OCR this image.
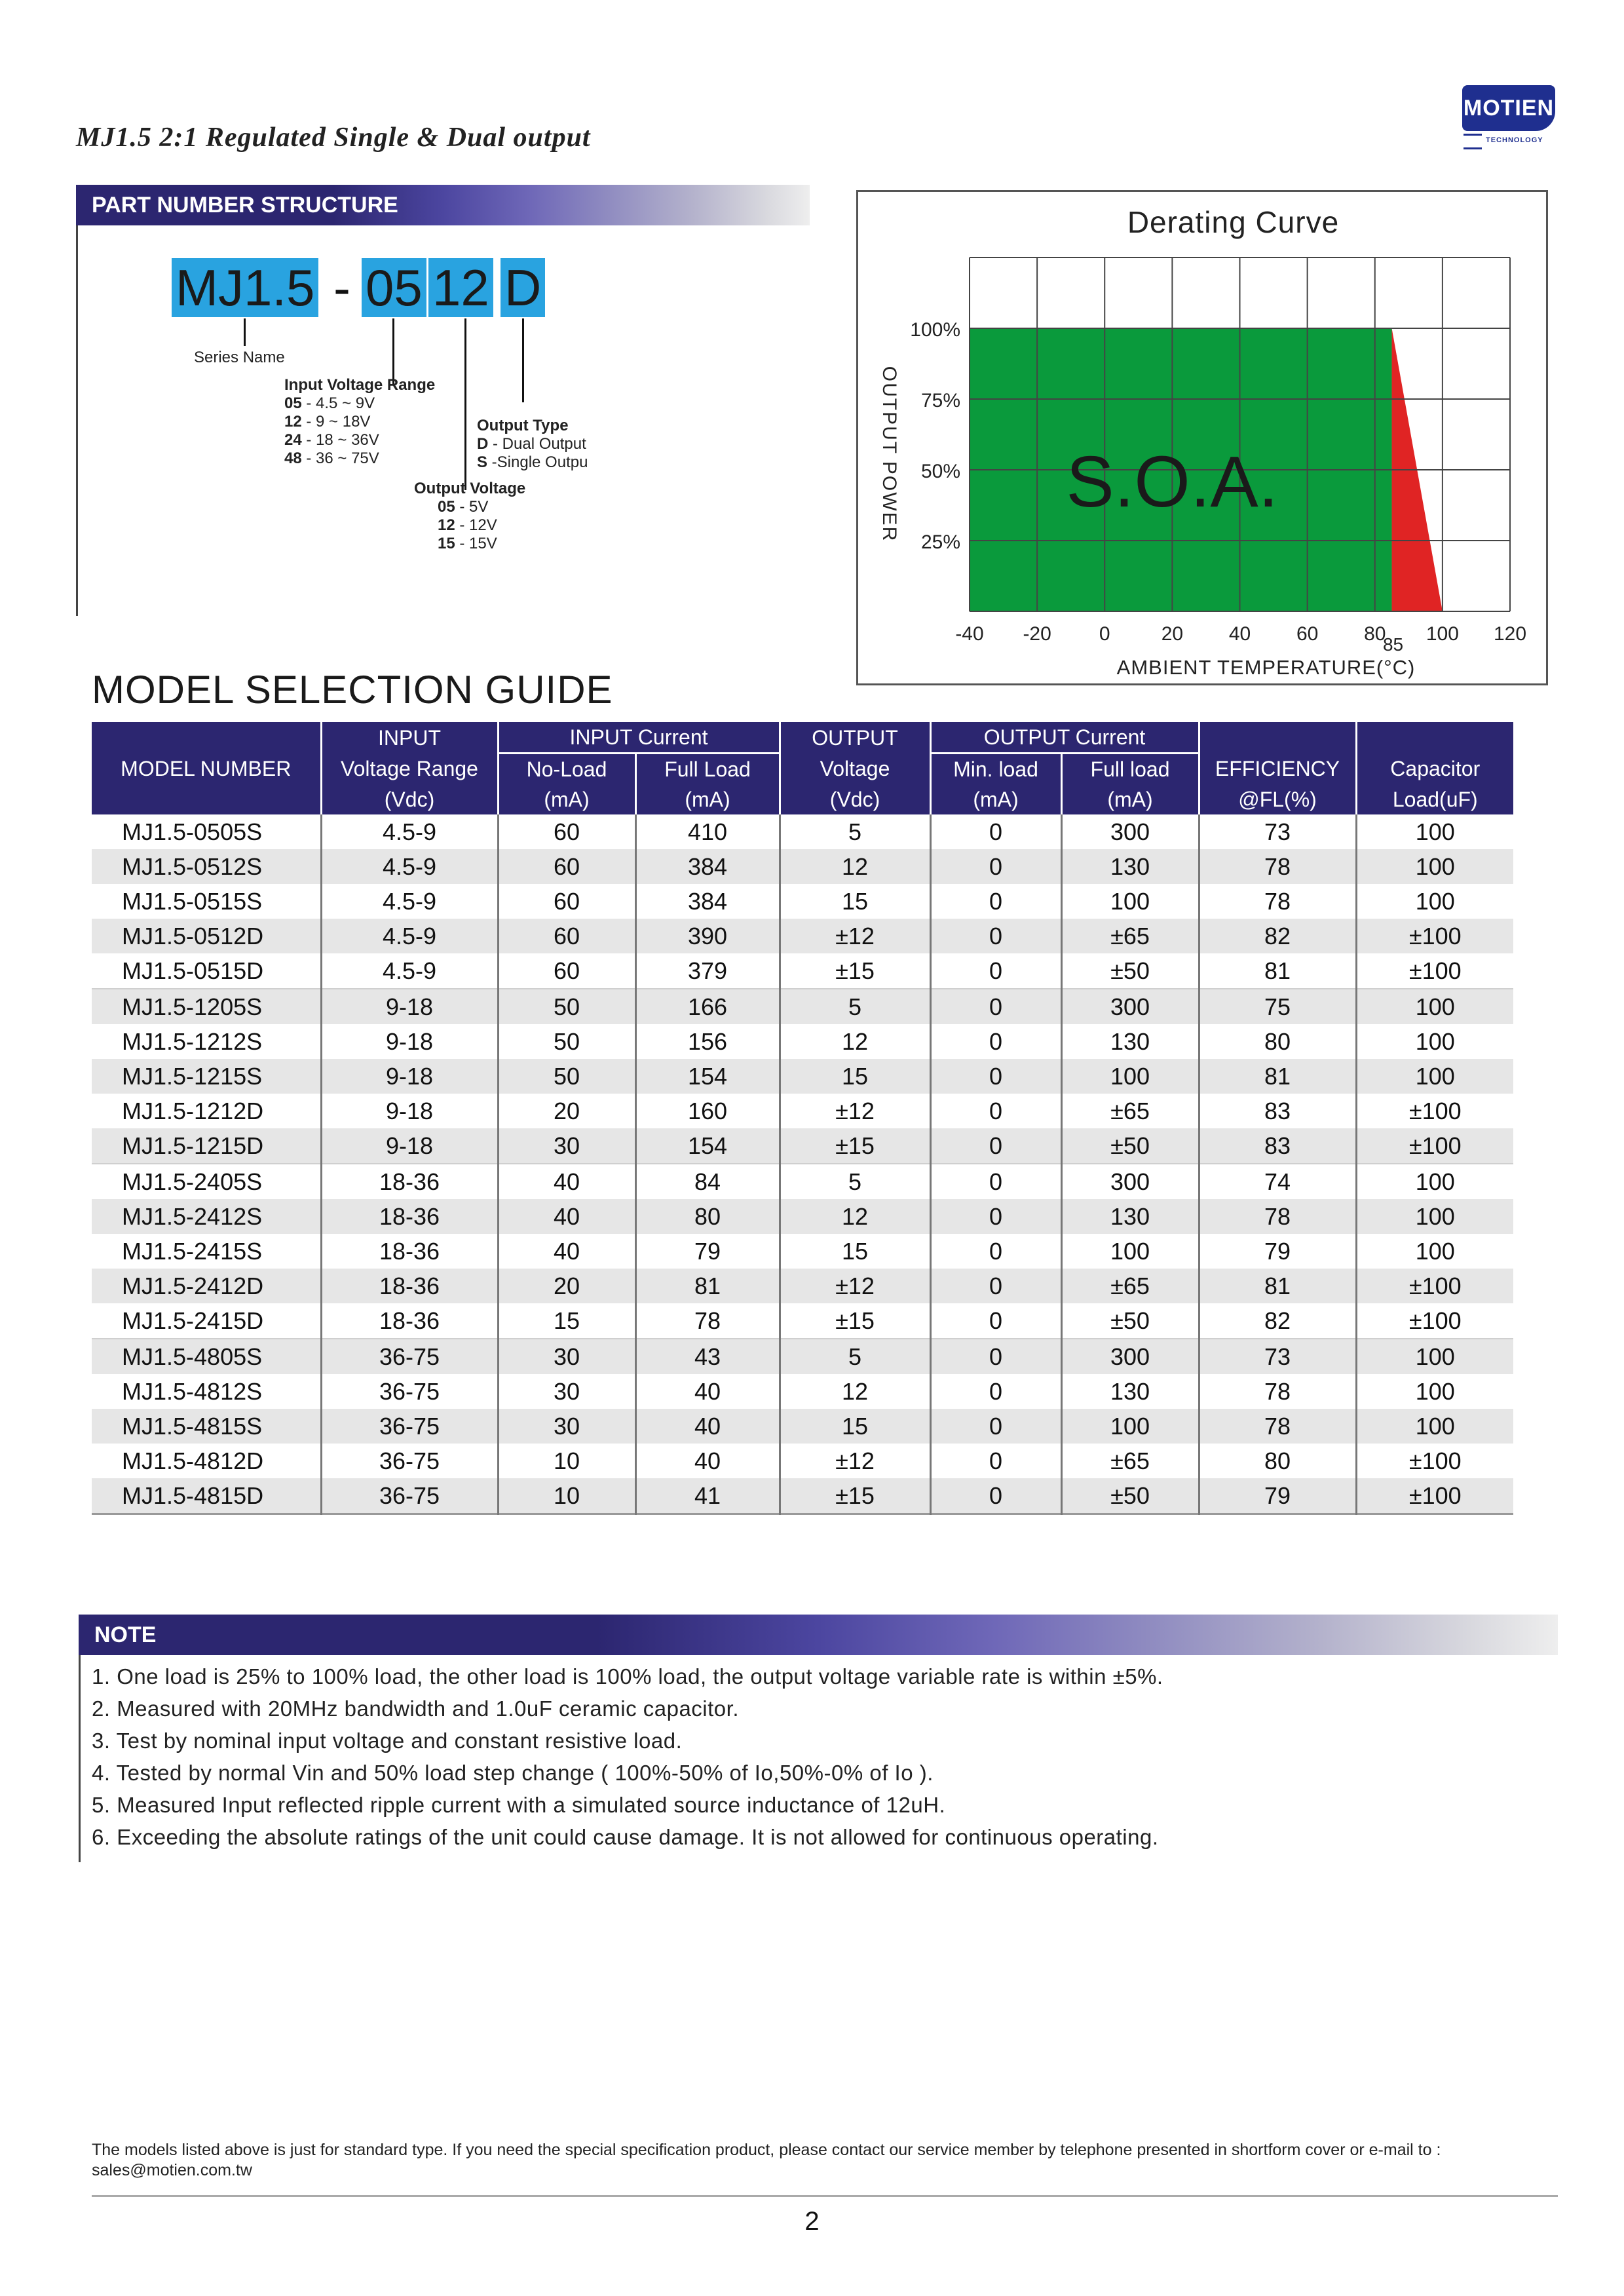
MJ1.5 2:1 Regulated Single & Dual output
MOTIEN
TECHNOLOGY
PART NUMBER STRUCTURE
MJ1.5 - 05 12 D
Series Name
Input Voltage Range
05 - 4.5 ~ 9V
12 - 9 ~ 18V
24 - 18 ~ 36V
48 - 36 ~ 75V
Output Type
D - Dual Output
S -Single Outpu
Output Voltage
05 - 5V
12 - 12V
15 - 15V
Derating Curve
100%
75%
50%
25%
-40 -20 0	20 40 60 80 100 120
85
AMBIENT TEMPERATURE(°C)
OUTPUT POWER S.O.A.
MODEL SELECTION GUIDE
	INPUT	INPUT Current		OUTPUT	OUTPUT Current			
MODEL NUMBER	Voltage Range	No-Load	Full Load	Voltage	Min. load	Full load	EFFICIENCY	Capacitor
	(Vdc)	(mA)	(mA)	(Vdc)	(mA)	(mA)	@FL(%)	Load(uF)
MJ1.5-0505S	4.5-9	60	410	5	0	300	73	100
MJ1.5-0512S	4.5-9	60	384	12	0	130	78	100
MJ1.5-0515S	4.5-9	60	384	15	0	100	78	100
MJ1.5-0512D	4.5-9	60	390	±12	0	±65	82	±100
MJ1.5-0515D	4.5-9	60	379	±15	0	±50	81	±100
MJ1.5-1205S	9-18	50	166	5	0	300	75	100
MJ1.5-1212S	9-18	50	156	12	0	130	80	100
MJ1.5-1215S	9-18	50	154	15	0	100	81	100
MJ1.5-1212D	9-18	20	160	±12	0	±65	83	±100
MJ1.5-1215D	9-18	30	154	±15	0	±50	83	±100
MJ1.5-2405S	18-36	40	84	5	0	300	74	100
MJ1.5-2412S	18-36	40	80	12	0	130	78	100
MJ1.5-2415S	18-36	40	79	15	0	100	79	100
MJ1.5-2412D	18-36	20	81	±12	0	±65	81	±100
MJ1.5-2415D	18-36	15	78	±15	0	±50	82	±100
MJ1.5-4805S	36-75	30	43	5	0	300	73	100
MJ1.5-4812S	36-75	30	40	12	0	130	78	100
MJ1.5-4815S	36-75	30	40	15	0	100	78	100
MJ1.5-4812D	36-75	10	40	±12	0	±65	80	±100
MJ1.5-4815D	36-75	10	41	±15	0	±50	79	±100
NOTE
1. One load is 25% to 100% load, the other load is 100% load, the output voltage variable rate is within ±5%.
2. Measured with 20MHz bandwidth and 1.0uF ceramic capacitor.
3. Test by nominal input voltage and constant resistive load.
4. Tested by normal Vin and 50% load step change ( 100%-50% of Io,50%-0% of Io ).
5. Measured Input reflected ripple current with a simulated source inductance of 12uH.
6. Exceeding the absolute ratings of the unit could cause damage. It is not allowed for continuous operating.
The models listed above is just for standard type. If you need the special specification product, please contact our service member by telephone presented in shortform cover or e-mail to : sales@motien.com.tw
2
